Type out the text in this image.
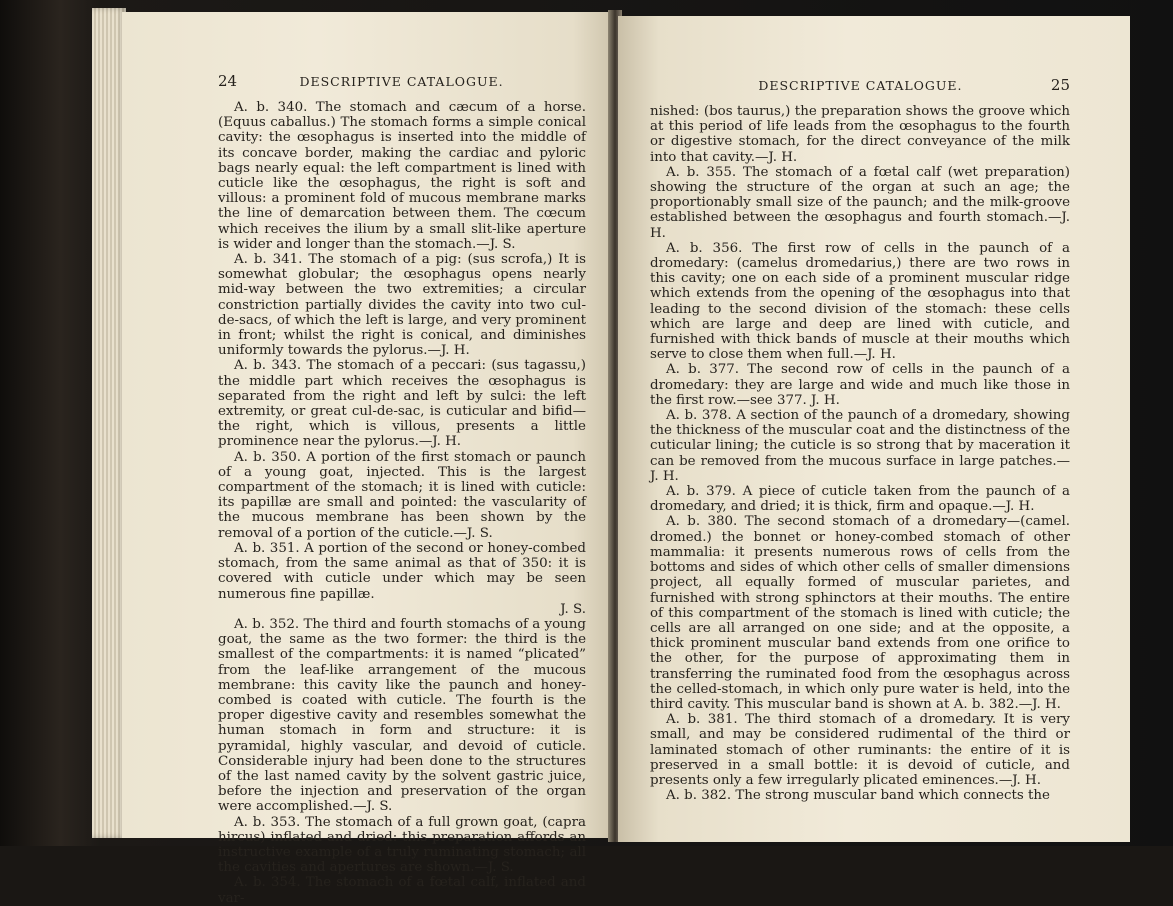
24	DESCRIPTIVE CATALOGUE.

A. b. 340. The stomach and cæcum of a horse. (Equus caballus.) The stomach forms a simple conical cavity: the œsophagus is inserted into the middle of its concave border, making the cardiac and pyloric bags nearly equal: the left compartment is lined with cuticle like the œsophagus, the right is soft and villous: a prominent fold of mucous membrane marks the line of demarcation between them. The cœcum which receives the ilium by a small slit-like aperture is wider and longer than the stomach.—J. S.

A. b. 341. The stomach of a pig: (sus scrofa,) It is somewhat globular; the œsophagus opens nearly mid-way between the two extremities; a circular constriction partially divides the cavity into two cul-de-sacs, of which the left is large, and very prominent in front; whilst the right is conical, and diminishes uniformly towards the pylorus.—J. H.

A. b. 343. The stomach of a peccari: (sus tagassu,) the middle part which receives the œsophagus is separated from the right and left by sulci: the left extremity, or great cul-de-sac, is cuticular and bifid—the right, which is villous, presents a little prominence near the pylorus.—J. H.

A. b. 350. A portion of the first stomach or paunch of a young goat, injected. This is the largest compartment of the stomach; it is lined with cuticle: its papillæ are small and pointed: the vascularity of the mucous membrane has been shown by the removal of a portion of the cuticle.—J. S.

A. b. 351. A portion of the second or honey-combed stomach, from the same animal as that of 350: it is covered with cuticle under which may be seen numerous fine papillæ.

J. S.

A. b. 352. The third and fourth stomachs of a young goat, the same as the two former: the third is the smallest of the compartments: it is named “plicated” from the leaf-like arrangement of the mucous membrane: this cavity like the paunch and honey-combed is coated with cuticle. The fourth is the proper digestive cavity and resembles somewhat the human stomach in form and structure: it is pyramidal, highly vascular, and devoid of cuticle. Considerable injury had been done to the structures of the last named cavity by the solvent gastric juice, before the injection and preservation of the organ were accomplished.—J. S.

A. b. 353. The stomach of a full grown goat, (capra hircus) inflated and dried: this preparation affords an instructive example of a truly ruminating stomach; all the cavities and apertures are shown.—J. S.

A. b. 354. The stomach of a fœtal calf, inflated and var-

DESCRIPTIVE CATALOGUE.	25

nished: (bos taurus,) the preparation shows the groove which at this period of life leads from the œsophagus to the fourth or digestive stomach, for the direct conveyance of the milk into that cavity.—J. H.

A. b. 355. The stomach of a fœtal calf (wet preparation) showing the structure of the organ at such an age; the proportionably small size of the paunch; and the milk-groove established between the œsophagus and fourth stomach.—J. H.

A. b. 356. The first row of cells in the paunch of a dromedary: (camelus dromedarius,) there are two rows in this cavity; one on each side of a prominent muscular ridge which extends from the opening of the œsophagus into that leading to the second division of the stomach: these cells which are large and deep are lined with cuticle, and furnished with thick bands of muscle at their mouths which serve to close them when full.—J. H.

A. b. 377. The second row of cells in the paunch of a dromedary: they are large and wide and much like those in the first row.—see 377. J. H.

A. b. 378. A section of the paunch of a dromedary, showing the thickness of the muscular coat and the distinctness of the cuticular lining; the cuticle is so strong that by maceration it can be removed from the mucous surface in large patches.—J. H.

A. b. 379. A piece of cuticle taken from the paunch of a dromedary, and dried; it is thick, firm and opaque.—J. H.

A. b. 380. The second stomach of a dromedary—(camel. dromed.) the bonnet or honey-combed stomach of other mammalia: it presents numerous rows of cells from the bottoms and sides of which other cells of smaller dimensions project, all equally formed of muscular parietes, and furnished with strong sphinctors at their mouths. The entire of this compartment of the stomach is lined with cuticle; the cells are all arranged on one side; and at the opposite, a thick prominent muscular band extends from one orifice to the other, for the purpose of approximating them in transferring the ruminated food from the œsophagus across the celled-stomach, in which only pure water is held, into the third cavity. This muscular band is shown at A. b. 382.—J. H.

A. b. 381. The third stomach of a dromedary. It is very small, and may be considered rudimental of the third or laminated stomach of other ruminants: the entire of it is preserved in a small bottle: it is devoid of cuticle, and presents only a few irregularly plicated eminences.—J. H.

A. b. 382. The strong muscular band which connects the
